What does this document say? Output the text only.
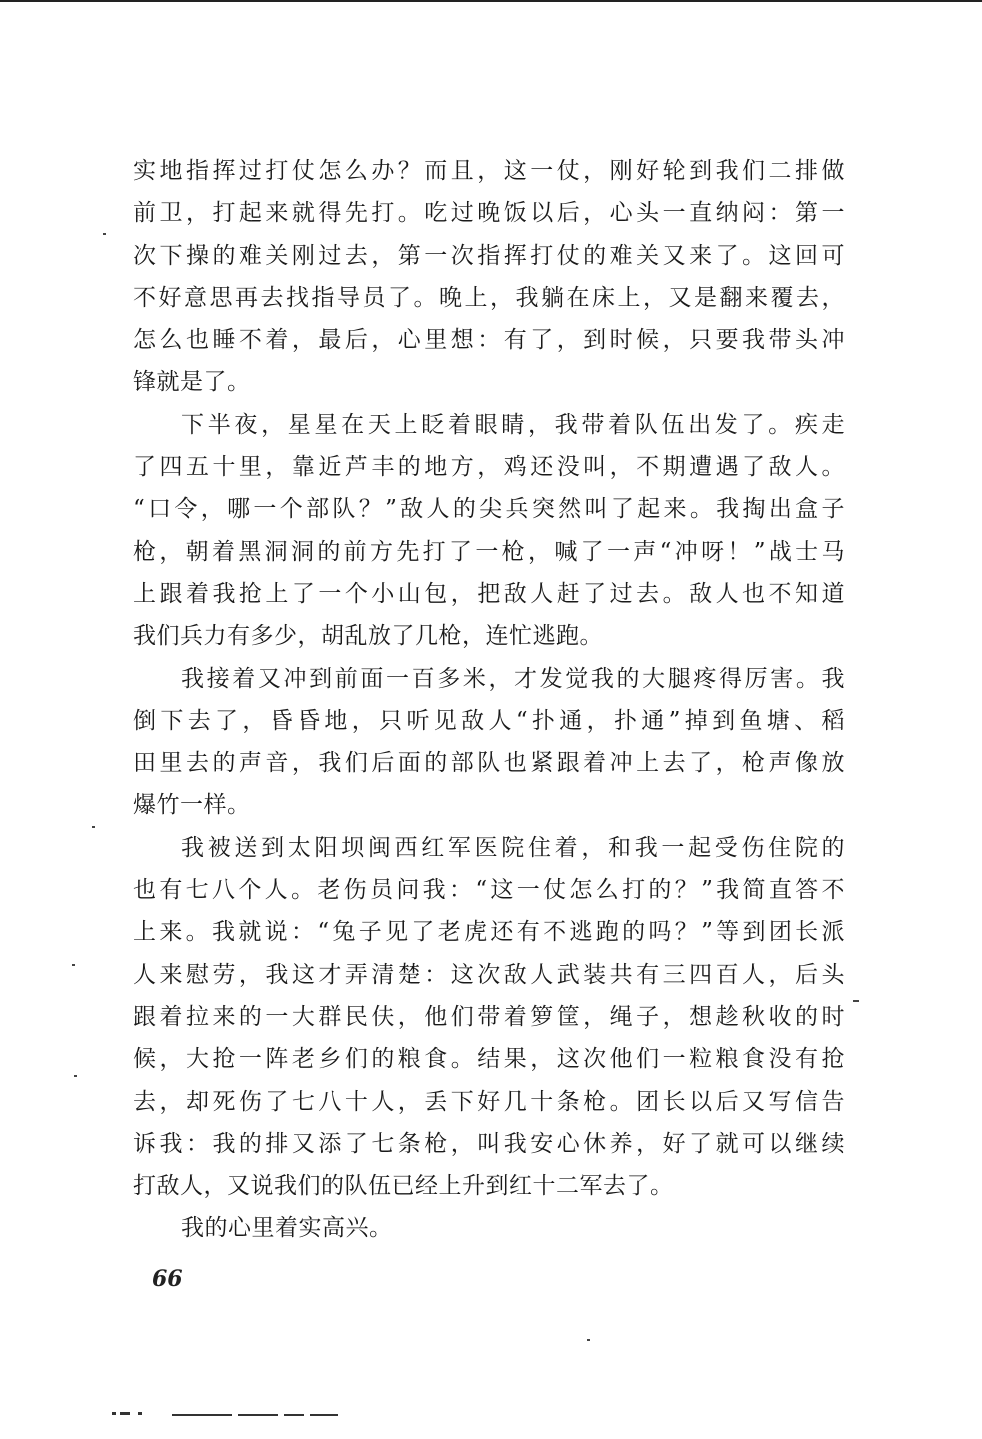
实地指挥过打仗怎么办？而且，这一仗，刚好轮到我们二排做
前卫，打起来就得先打。吃过晚饭以后，心头一直纳闷：第一
次下操的难关刚过去，第一次指挥打仗的难关又来了。这回可
不好意思再去找指导员了。晚上，我躺在床上，又是翻来覆去，
怎么也睡不着，最后，心里想：有了，到时候，只要我带头冲
锋就是了。
下半夜，星星在天上眨着眼睛，我带着队伍出发了。疾走
了四五十里，靠近芦丰的地方，鸡还没叫，不期遭遇了敌人。
“口令，哪一个部队？”敌人的尖兵突然叫了起来。我掏出盒子
枪，朝着黑洞洞的前方先打了一枪，喊了一声“冲呀！”战士马
上跟着我抢上了一个小山包，把敌人赶了过去。敌人也不知道
我们兵力有多少，胡乱放了几枪，连忙逃跑。
我接着又冲到前面一百多米，才发觉我的大腿疼得厉害。我
倒下去了，昏昏地，只听见敌人“扑通，扑通”掉到鱼塘、稻
田里去的声音，我们后面的部队也紧跟着冲上去了，枪声像放
爆竹一样。
我被送到太阳坝闽西红军医院住着，和我一起受伤住院的
也有七八个人。老伤员问我：“这一仗怎么打的？”我简直答不
上来。我就说：“兔子见了老虎还有不逃跑的吗？”等到团长派
人来慰劳，我这才弄清楚：这次敌人武装共有三四百人，后头
跟着拉来的一大群民伕，他们带着箩筐，绳子，想趁秋收的时
候，大抢一阵老乡们的粮食。结果，这次他们一粒粮食没有抢
去，却死伤了七八十人，丢下好几十条枪。团长以后又写信告
诉我：我的排又添了七条枪，叫我安心休养，好了就可以继续
打敌人，又说我们的队伍已经上升到红十二军去了。
我的心里着实高兴。
66
